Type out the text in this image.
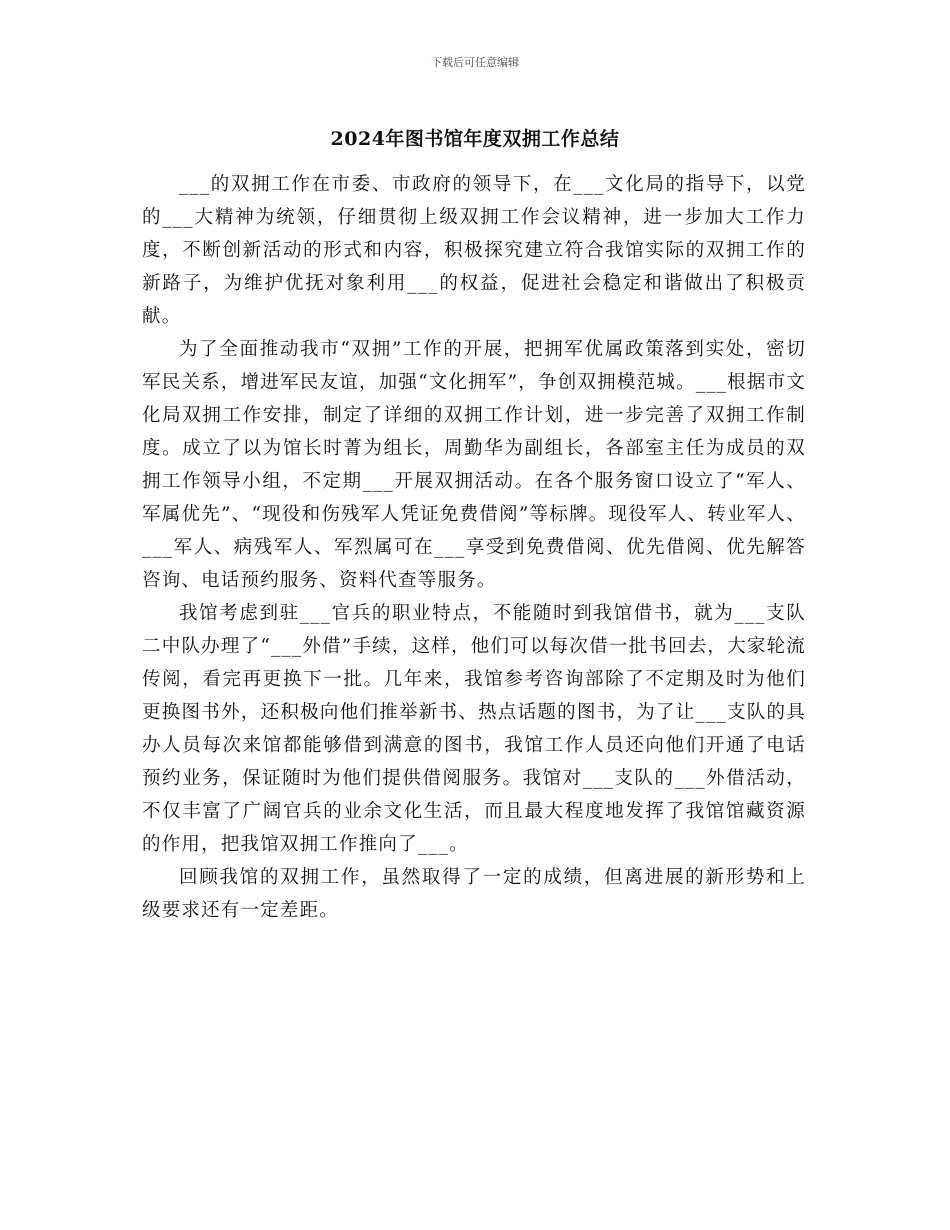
下载后可任意编辑
2024年图书馆年度双拥工作总结

___的双拥工作在市委、市政府的领导下，在___文化局的指导下，以党的___大精神为统领，仔细贯彻上级双拥工作会议精神，进一步加大工作力度，不断创新活动的形式和内容，积极探究建立符合我馆实际的双拥工作的新路子，为维护优抚对象利用___的权益，促进社会稳定和谐做出了积极贡献。

为了全面推动我市“双拥”工作的开展，把拥军优属政策落到实处，密切军民关系，增进军民友谊，加强“文化拥军”，争创双拥模范城。___根据市文化局双拥工作安排，制定了详细的双拥工作计划，进一步完善了双拥工作制度。成立了以为馆长时菁为组长，周勤华为副组长，各部室主任为成员的双拥工作领导小组，不定期___开展双拥活动。在各个服务窗口设立了“军人、军属优先”、“现役和伤残军人凭证免费借阅”等标牌。现役军人、转业军人、___军人、病残军人、军烈属可在___享受到免费借阅、优先借阅、优先解答咨询、电话预约服务、资料代查等服务。

我馆考虑到驻___官兵的职业特点，不能随时到我馆借书，就为___支队二中队办理了“___外借”手续，这样，他们可以每次借一批书回去，大家轮流传阅，看完再更换下一批。几年来，我馆参考咨询部除了不定期及时为他们更换图书外，还积极向他们推举新书、热点话题的图书，为了让___支队的具办人员每次来馆都能够借到满意的图书，我馆工作人员还向他们开通了电话预约业务，保证随时为他们提供借阅服务。我馆对___支队的___外借活动，不仅丰富了广阔官兵的业余文化生活，而且最大程度地发挥了我馆馆藏资源的作用，把我馆双拥工作推向了___。

回顾我馆的双拥工作，虽然取得了一定的成绩，但离进展的新形势和上级要求还有一定差距。
